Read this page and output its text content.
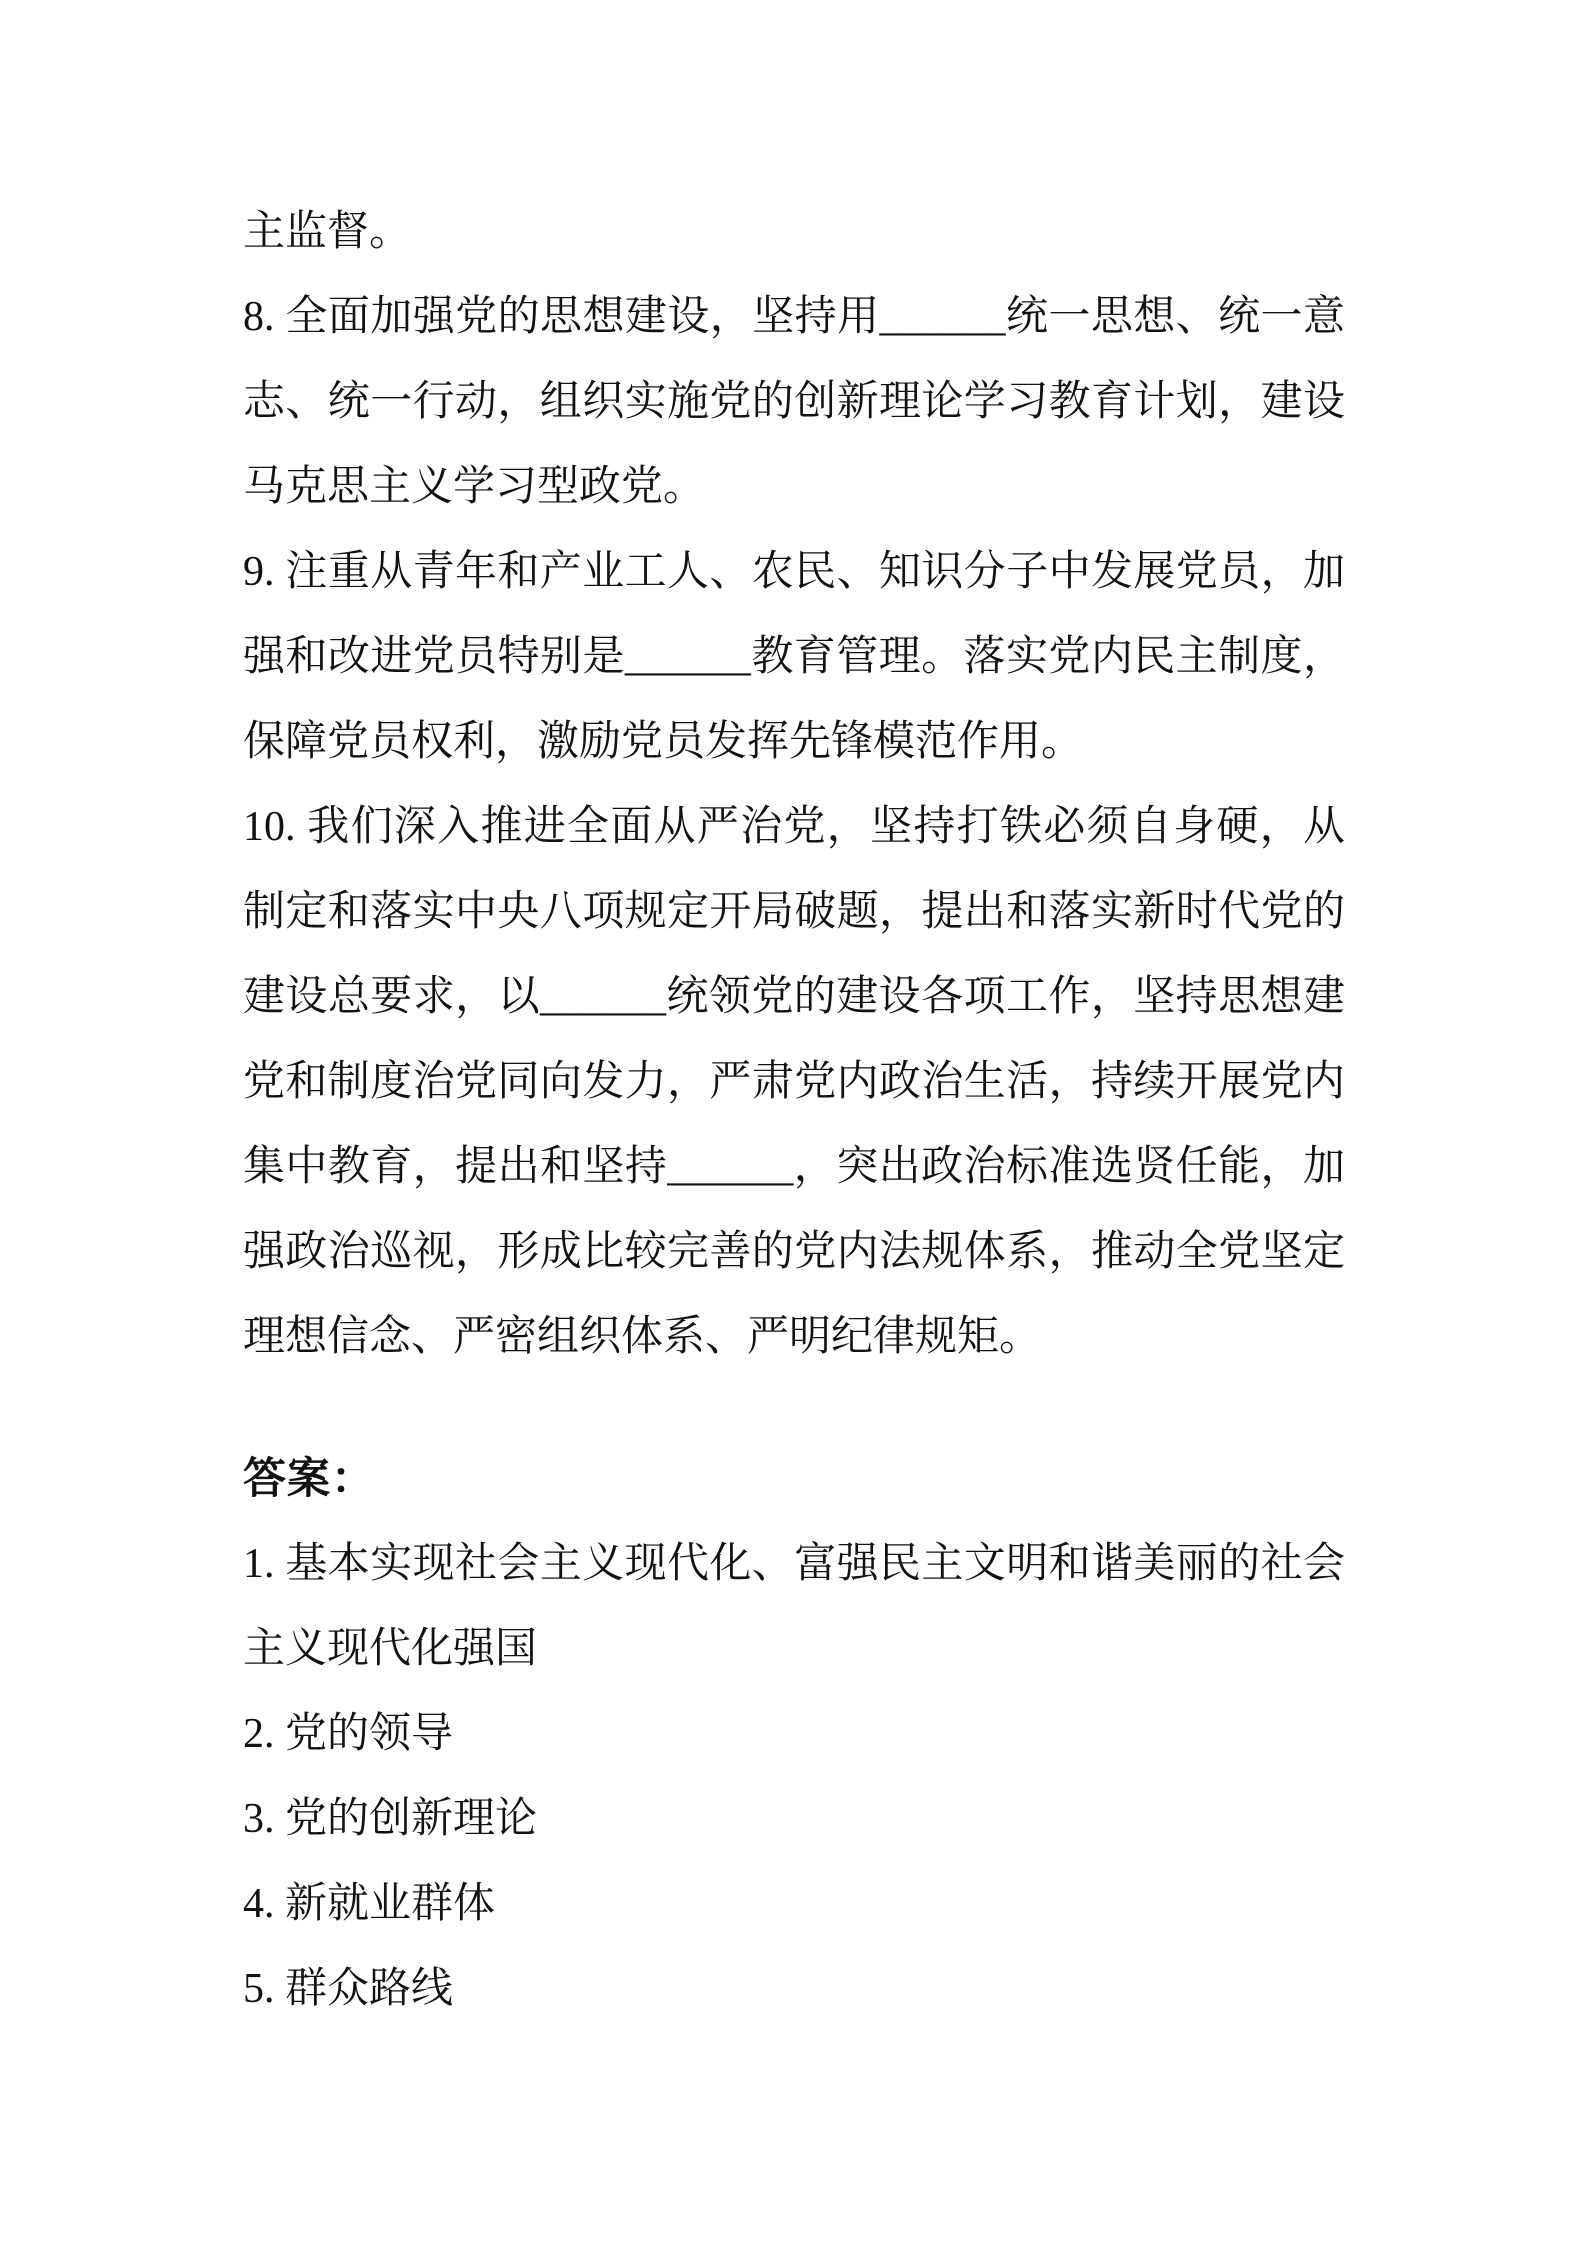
主监督。
8. 全面加强党的思想建设，坚持用______统一思想、统一意
志、统一行动，组织实施党的创新理论学习教育计划，建设
马克思主义学习型政党。
9. 注重从青年和产业工人、农民、知识分子中发展党员，加
强和改进党员特别是______教育管理。落实党内民主制度，
保障党员权利，激励党员发挥先锋模范作用。
10. 我们深入推进全面从严治党，坚持打铁必须自身硬，从
制定和落实中央八项规定开局破题，提出和落实新时代党的
建设总要求，以______统领党的建设各项工作，坚持思想建
党和制度治党同向发力，严肃党内政治生活，持续开展党内
集中教育，提出和坚持______，突出政治标准选贤任能，加
强政治巡视，形成比较完善的党内法规体系，推动全党坚定
理想信念、严密组织体系、严明纪律规矩。
答案：
1. 基本实现社会主义现代化、富强民主文明和谐美丽的社会
主义现代化强国
2. 党的领导
3. 党的创新理论
4. 新就业群体
5. 群众路线
